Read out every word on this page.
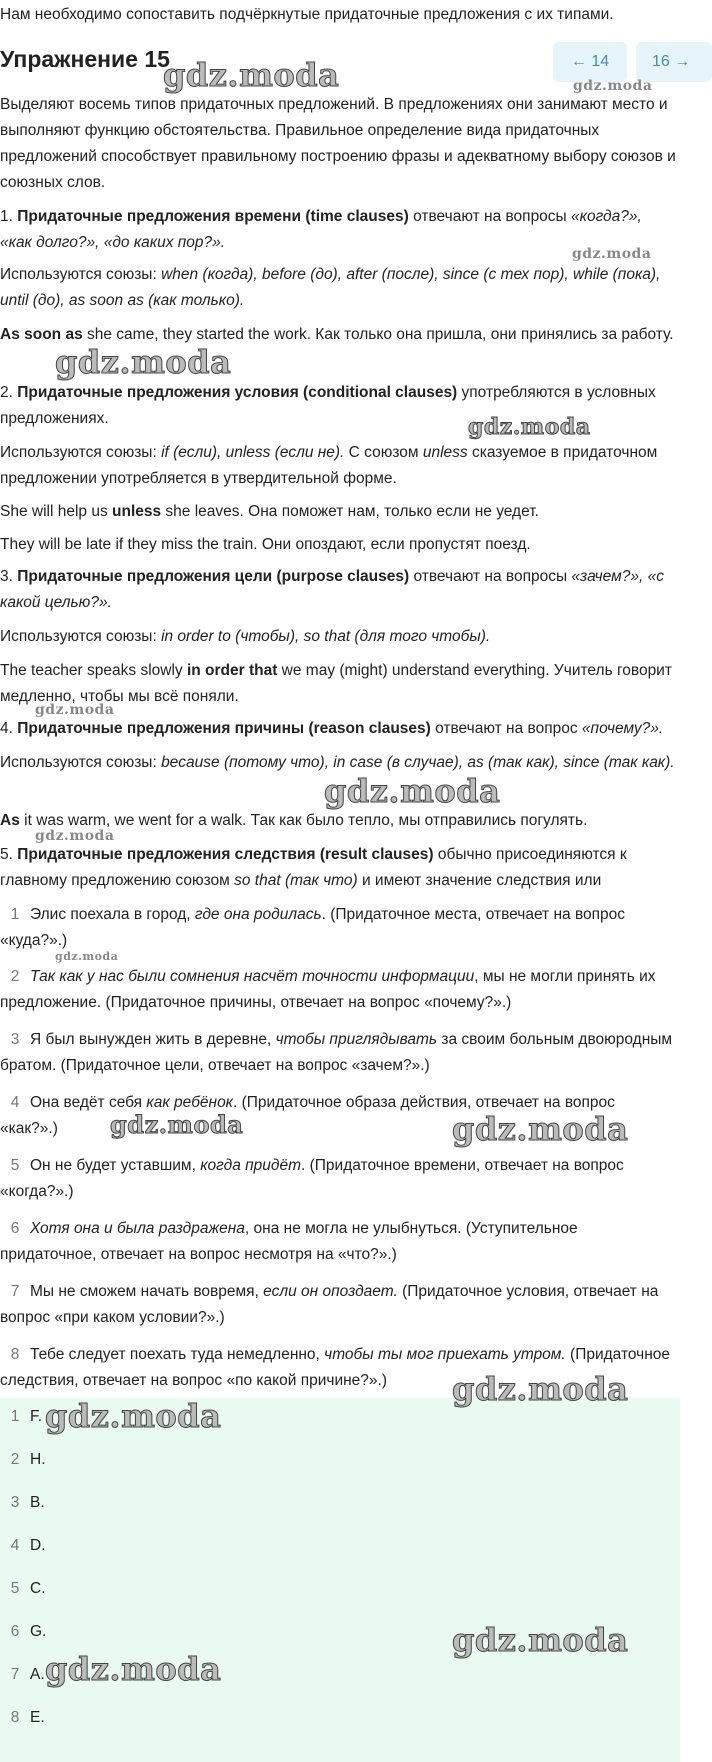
Нам необходимо сопоставить подчёркнутые придаточные предложения с их типами.
Упражнение 15	← 14	16 →
Выделяют восемь типов придаточных предложений. В предложениях они занимают место и выполняют функцию обстоятельства. Правильное определение вида придаточных предложений способствует правильному построению фразы и адекватному выбору союзов и союзных слов.
1. Придаточные предложения времени (time clauses) отвечают на вопросы «когда?», «как долго?», «до каких пор?».
Используются союзы: when (когда), before (до), after (после), since (с тех пор), while (пока), until (до), as soon as (как только).
As soon as she came, they started the work. Как только она пришла, они принялись за работу.
2. Придаточные предложения условия (conditional clauses) употребляются в условных предложениях.
Используются союзы: if (если), unless (если не). С союзом unless сказуемое в придаточном предложении употребляется в утвердительной форме.
She will help us unless she leaves. Она поможет нам, только если не уедет.
They will be late if they miss the train. Они опоздают, если пропустят поезд.
3. Придаточные предложения цели (purpose clauses) отвечают на вопросы «зачем?», «с какой целью?».
Используются союзы: in order to (чтобы), so that (для того чтобы).
The teacher speaks slowly in order that we may (might) understand everything. Учитель говорит медленно, чтобы мы всё поняли.
4. Придаточные предложения причины (reason clauses) отвечают на вопрос «почему?».
Используются союзы: because (потому что), in case (в случае), as (так как), since (так как).
As it was warm, we went for a walk. Так как было тепло, мы отправились погулять.
5. Придаточные предложения следствия (result clauses) обычно присоединяются к главному предложению союзом so that (так что) и имеют значение следствия или
1 Элис поехала в город, где она родилась. (Придаточное места, отвечает на вопрос «куда?».)
2 Так как у нас были сомнения насчёт точности информации, мы не могли принять их предложение. (Придаточное причины, отвечает на вопрос «почему?».)
3 Я был вынужден жить в деревне, чтобы приглядывать за своим больным двоюродным братом. (Придаточное цели, отвечает на вопрос «зачем?».)
4 Она ведёт себя как ребёнок. (Придаточное образа действия, отвечает на вопрос «как?».)
5 Он не будет уставшим, когда придёт. (Придаточное времени, отвечает на вопрос «когда?».)
6 Хотя она и была раздражена, она не могла не улыбнуться. (Уступительное придаточное, отвечает на вопрос несмотря на «что?».)
7 Мы не сможем начать вовремя, если он опоздает. (Придаточное условия, отвечает на вопрос «при каком условии?».)
8 Тебе следует поехать туда немедленно, чтобы ты мог приехать утром. (Придаточное следствия, отвечает на вопрос «по какой причине?».)
1 F.
2 H.
3 B.
4 D.
5 C.
6 G.
7 A.
8 E.
gdz.moda	gdz.moda
gdz.moda
gdz.moda
gdz.moda
gdz.moda
gdz.moda
gdz.moda
gdz.moda
gdz.moda	gdz.moda
gdz.moda
gdz.moda
gdz.moda
gdz.moda
